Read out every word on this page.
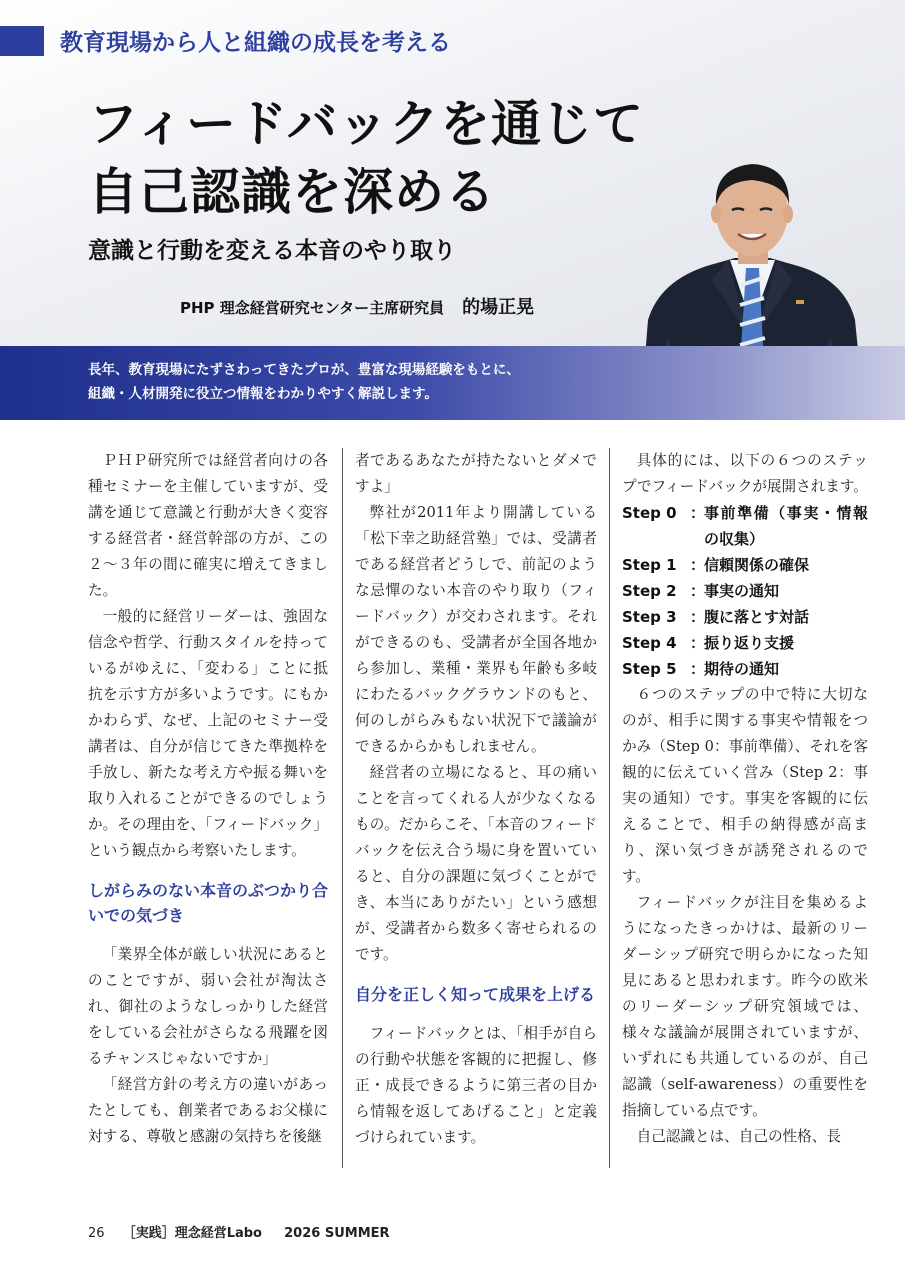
教育現場から人と組織の成長を考える
フィードバックを通じて
自己認識を深める
意識と行動を変える本音のやり取り
PHP 理念経営研究センター主席研究員 的場正晃
長年、教育現場にたずさわってきたプロが、豊富な現場経験をもとに、
組織・人材開発に役立つ情報をわかりやすく解説します。

ＰＨＰ研究所では経営者向けの各種セミナーを主催していますが、受講を通じて意識と行動が大きく変容する経営者・経営幹部の方が、この２〜３年の間に確実に増えてきました。

一般的に経営リーダーは、強固な信念や哲学、行動スタイルを持っているがゆえに、「変わる」ことに抵抗を示す方が多いようです。にもかかわらず、なぜ、上記のセミナー受講者は、自分が信じてきた準拠枠を手放し、新たな考え方や振る舞いを取り入れることができるのでしょうか。その理由を、「フィードバック」という観点から考察いたします。

しがらみのない本音のぶつかり合いでの気づき

「業界全体が厳しい状況にあるとのことですが、弱い会社が淘汰され、御社のようなしっかりした経営をしている会社がさらなる飛躍を図るチャンスじゃないですか」

「経営方針の考え方の違いがあったとしても、創業者であるお父様に対する、尊敬と感謝の気持ちを後継

者であるあなたが持たないとダメですよ」

弊社が2011年より開講している「松下幸之助経営塾」では、受講者である経営者どうしで、前記のような忌憚のない本音のやり取り（フィードバック）が交わされます。それができるのも、受講者が全国各地から参加し、業種・業界も年齢も多岐にわたるバックグラウンドのもと、何のしがらみもない状況下で議論ができるからかもしれません。

経営者の立場になると、耳の痛いことを言ってくれる人が少なくなるもの。だからこそ、「本音のフィードバックを伝え合う場に身を置いていると、自分の課題に気づくことができ、本当にありがたい」という感想が、受講者から数多く寄せられるのです。

自分を正しく知って成果を上げる

フィードバックとは、「相手が自らの行動や状態を客観的に把握し、修正・成長できるように第三者の目から情報を返してあげること」と定義づけられています。

具体的には、以下の６つのステップでフィードバックが展開されます。

Step 0 ：
事前準備（事実・情報の収集）
Step 1 ：
信頼関係の確保
Step 2 ：
事実の通知
Step 3 ：
腹に落とす対話
Step 4 ：
振り返り支援
Step 5 ：
期待の通知

６つのステップの中で特に大切なのが、相手に関する事実や情報をつかみ（Step 0：事前準備）、それを客観的に伝えていく営み（Step 2：事実の通知）です。事実を客観的に伝えることで、相手の納得感が高まり、深い気づきが誘発されるのです。

フィードバックが注目を集めるようになったきっかけは、最新のリーダーシップ研究で明らかになった知見にあると思われます。昨今の欧米のリーダーシップ研究領域では、様々な議論が展開されていますが、いずれにも共通しているのが、自己認識（self-awareness）の重要性を指摘している点です。

自己認識とは、自己の性格、長

26 ［実践］理念経営Labo 2026 SUMMER
